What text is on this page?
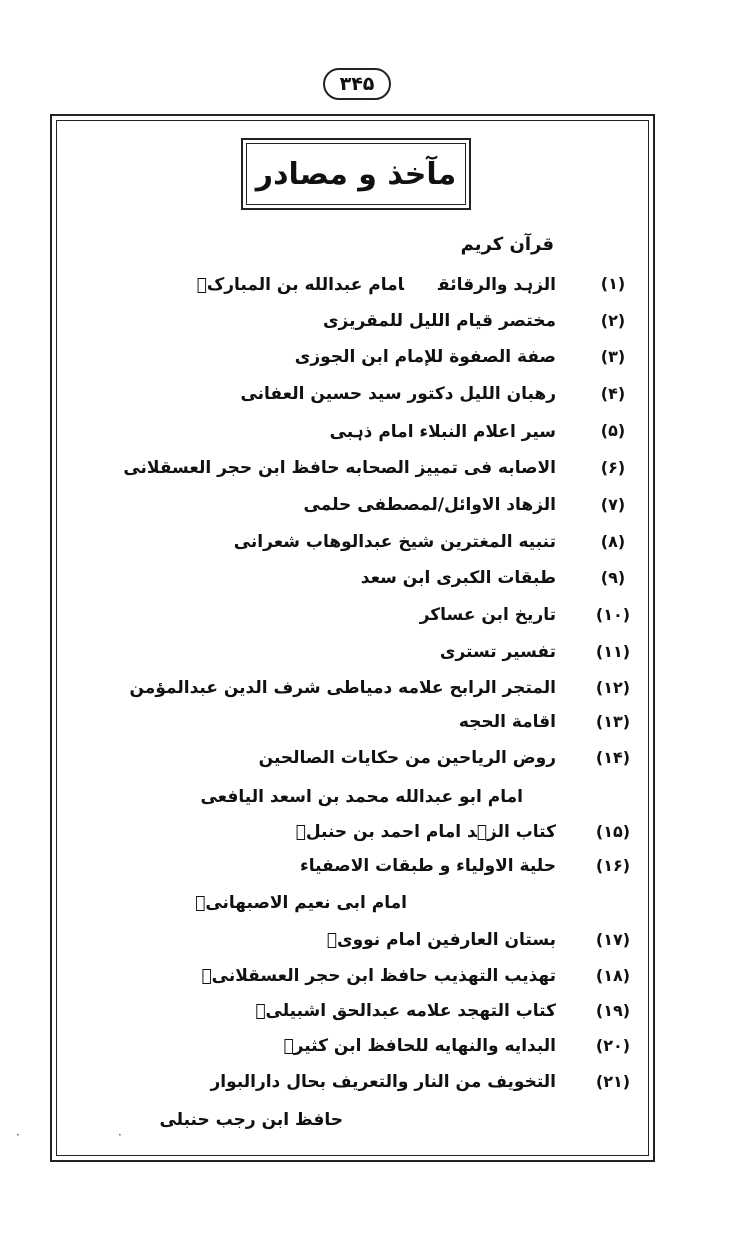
۳۴۵
مآخذ و مصادر
قرآن کریم
(۱)
الزہد والرقائقامام عبدالله بن المبارکؒ
(۲)
مختصر قیام اللیل للمقریزی
(۳)
صفة الصفوة للإمام ابن الجوزی
(۴)
رهبان اللیل دکتور سید حسین العفانی
(۵)
سیر اعلام النبلاء امام ذہبی
(۶)
الاصابه فی تمییز الصحابه حافظ ابن حجر العسقلانی
(۷)
الزهاد الاوائل/لمصطفی حلمی
(۸)
تنبیه المغترین شیخ عبدالوهاب شعرانی
(۹)
طبقات الکبری ابن سعد
(۱۰)
تاریخ ابن عساکر
(۱۱)
تفسیر تستری
(۱۲)
المتجر الرابح علامه دمیاطی شرف الدین عبدالمؤمن
(۱۳)
اقامة الحجه
(۱۴)
روض الریاحین من حکایات الصالحین
امام ابو عبدالله محمد بن اسعد الیافعی
(۱۵)
کتاب الزہد امام احمد بن حنبلؒ
(۱۶)
حلیة الاولیاء و طبقات الاصفیاء
امام ابی نعیم الاصبهانیؒ
(۱۷)
بستان العارفین امام نوویؒ
(۱۸)
تهذیب التهذیب حافظ ابن حجر العسقلانیؒ
(۱۹)
کتاب التهجد علامه عبدالحق اشبیلیؒ
(۲۰)
البدایه والنهایه للحافظ ابن کثیرؒ
(۲۱)
التخویف من النار والتعریف بحال دارالبوار
حافظ ابن رجب حنبلی
·	·
